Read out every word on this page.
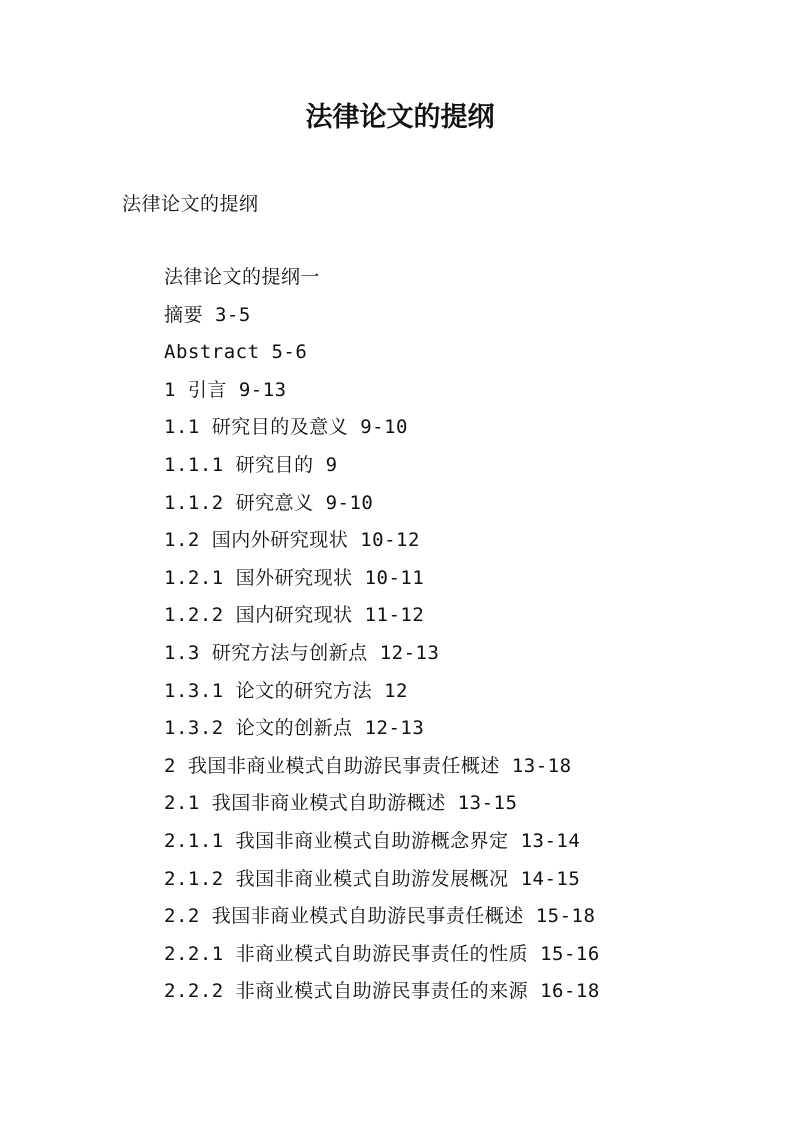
法律论文的提纲

法律论文的提纲

法律论文的提纲一
摘要 3-5
Abstract 5-6
1 引言 9-13
1.1 研究目的及意义 9-10
1.1.1 研究目的 9
1.1.2 研究意义 9-10
1.2 国内外研究现状 10-12
1.2.1 国外研究现状 10-11
1.2.2 国内研究现状 11-12
1.3 研究方法与创新点 12-13
1.3.1 论文的研究方法 12
1.3.2 论文的创新点 12-13
2 我国非商业模式自助游民事责任概述 13-18
2.1 我国非商业模式自助游概述 13-15
2.1.1 我国非商业模式自助游概念界定 13-14
2.1.2 我国非商业模式自助游发展概况 14-15
2.2 我国非商业模式自助游民事责任概述 15-18
2.2.1 非商业模式自助游民事责任的性质 15-16
2.2.2 非商业模式自助游民事责任的来源 16-18
